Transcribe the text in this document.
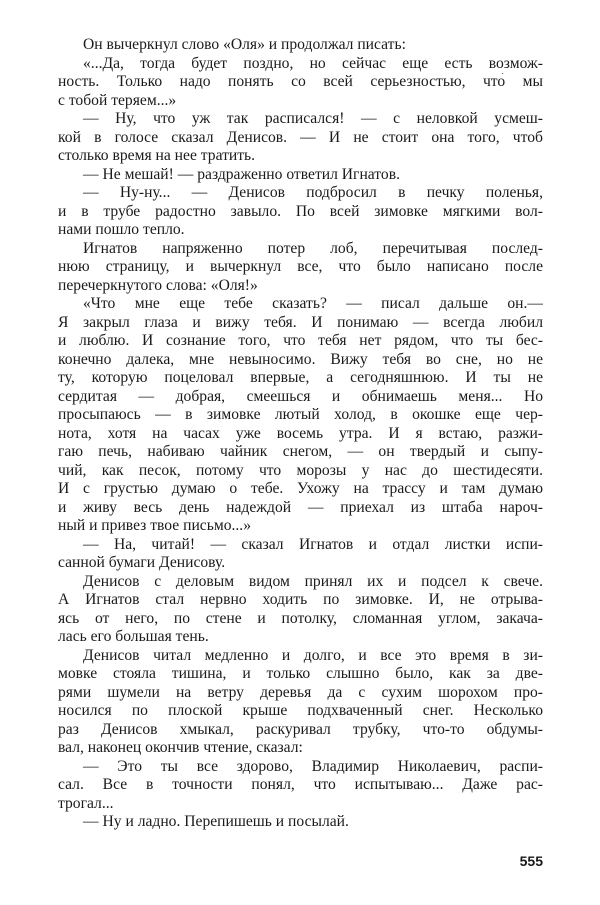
Он вычеркнул слово «Оля» и продолжал писать:
«...Да, тогда будет поздно, но сейчас еще есть возмож-
ность. Только надо понять со всей серьезностью, что́ мы
с тобой теряем...»
— Ну, что уж так расписался! — с неловкой усмеш-
кой в голосе сказал Денисов. — И не стоит она того, чтоб
столько время на нее тратить.
— Не мешай! — раздраженно ответил Игнатов.
— Ну-ну... — Денисов подбросил в печку поленья,
и в трубе радостно завыло. По всей зимовке мягкими вол-
нами пошло тепло.
Игнатов напряженно потер лоб, перечитывая послед-
нюю страницу, и вычеркнул все, что было написано после
перечеркнутого слова: «Оля!»
«Что мне еще тебе сказать? — писал дальше он.—
Я закрыл глаза и вижу тебя. И понимаю — всегда любил
и люблю. И сознание того, что тебя нет рядом, что ты бес-
конечно далека, мне невыносимо. Вижу тебя во сне, но не
ту, которую поцеловал впервые, а сегодняшнюю. И ты не
сердитая — добрая, смеешься и обнимаешь меня... Но
просыпаюсь — в зимовке лютый холод, в окошке еще чер-
нота, хотя на часах уже восемь утра. И я встаю, разжи-
гаю печь, набиваю чайник снегом, — он твердый и сыпу-
чий, как песок, потому что морозы у нас до шестидесяти.
И с грустью думаю о тебе. Ухожу на трассу и там думаю
и живу весь день надеждой — приехал из штаба нароч-
ный и привез твое письмо...»
— На, читай! — сказал Игнатов и отдал листки испи-
санной бумаги Денисову.
Денисов с деловым видом принял их и подсел к свече.
А Игнатов стал нервно ходить по зимовке. И, не отрыва-
ясь от него, по стене и потолку, сломанная углом, закача-
лась его большая тень.
Денисов читал медленно и долго, и все это время в зи-
мовке стояла тишина, и только слышно было, как за две-
рями шумели на ветру деревья да с сухим шорохом про-
носился по плоской крыше подхваченный снег. Несколько
раз Денисов хмыкал, раскуривал трубку, что-то обдумы-
вал, наконец окончив чтение, сказал:
— Это ты все здорово, Владимир Николаевич, распи-
сал. Все в точности понял, что испытываю... Даже рас-
трогал...
— Ну и ладно. Перепишешь и посылай.
555
